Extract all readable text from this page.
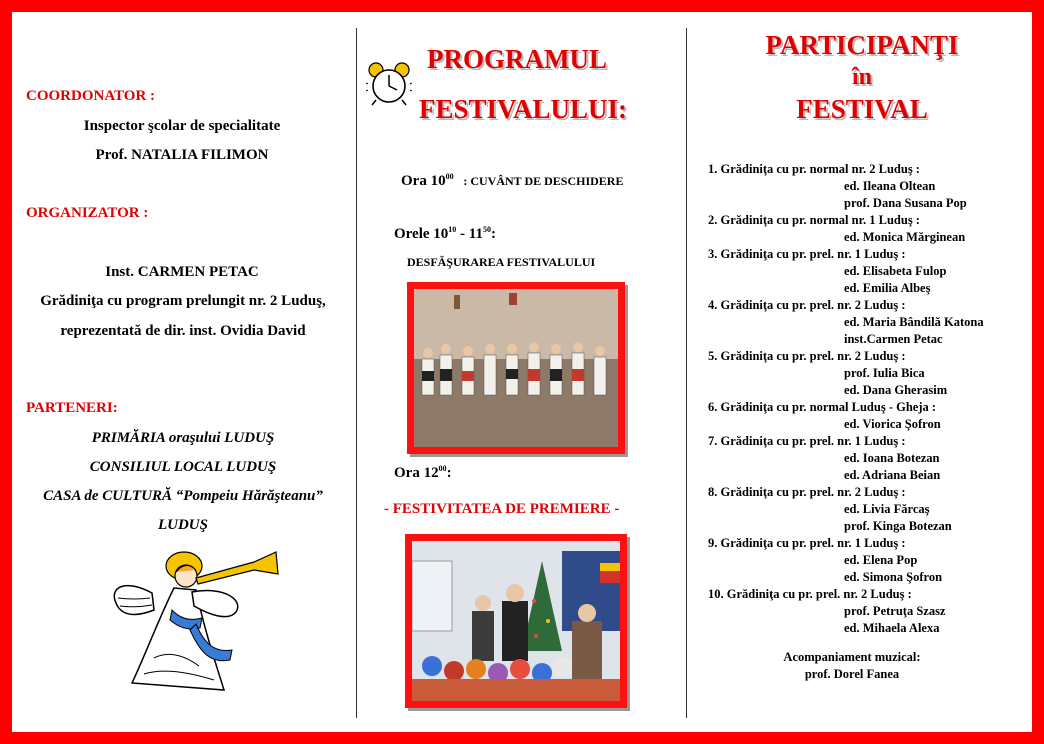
COORDONATOR :
Inspector şcolar de specialitate
Prof. NATALIA FILIMON
ORGANIZATOR :
Inst. CARMEN PETAC
Grădiniţa cu program prelungit nr. 2 Luduş,
reprezentată de dir. inst. Ovidia David
PARTENERI:
PRIMĂRIA oraşului LUDUŞ
CONSILIUL LOCAL LUDUŞ
CASA de CULTURĂ “Pompeiu Hărăşteanu”
LUDUŞ
PROGRAMUL
FESTIVALULUI:
Ora $10^{00}$ : CUVÂNT DE DESCHIDERE
Orele $10^{10} - 11^{50}$:
DESFĂŞURAREA FESTIVALULUI
Ora $12^{00}$:
- FESTIVITATEA DE PREMIERE -
PARTICIPANŢI
în
FESTIVAL
1. Grădiniţa cu pr. normal nr. 2 Luduş :
ed. Ileana Oltean
prof. Dana Susana Pop
2. Grădiniţa cu pr. normal nr. 1 Luduş :
ed. Monica Mărginean
3. Grădiniţa cu pr. prel. nr. 1 Luduş :
ed. Elisabeta Fulop
ed. Emilia Albeş
4. Grădiniţa cu pr. prel. nr. 2 Luduş :
ed. Maria Bândilă Katona
inst.Carmen Petac
5. Grădiniţa cu pr. prel. nr. 2 Luduş :
prof. Iulia Bica
ed. Dana Gherasim
6. Grădiniţa cu pr. normal Luduş - Gheja :
ed. Viorica Şofron
7. Grădiniţa cu pr. prel. nr. 1 Luduş :
ed. Ioana Botezan
ed. Adriana Beian
8. Grădiniţa cu pr. prel. nr. 2 Luduş :
ed. Livia Fărcaş
prof. Kinga Botezan
9. Grădiniţa cu pr. prel. nr. 1 Luduş :
ed. Elena Pop
ed. Simona Şofron
10. Grădiniţa cu pr. prel. nr. 2 Luduş :
prof. Petruţa Szasz
ed. Mihaela Alexa
Acompaniament muzical:
prof. Dorel Fanea
